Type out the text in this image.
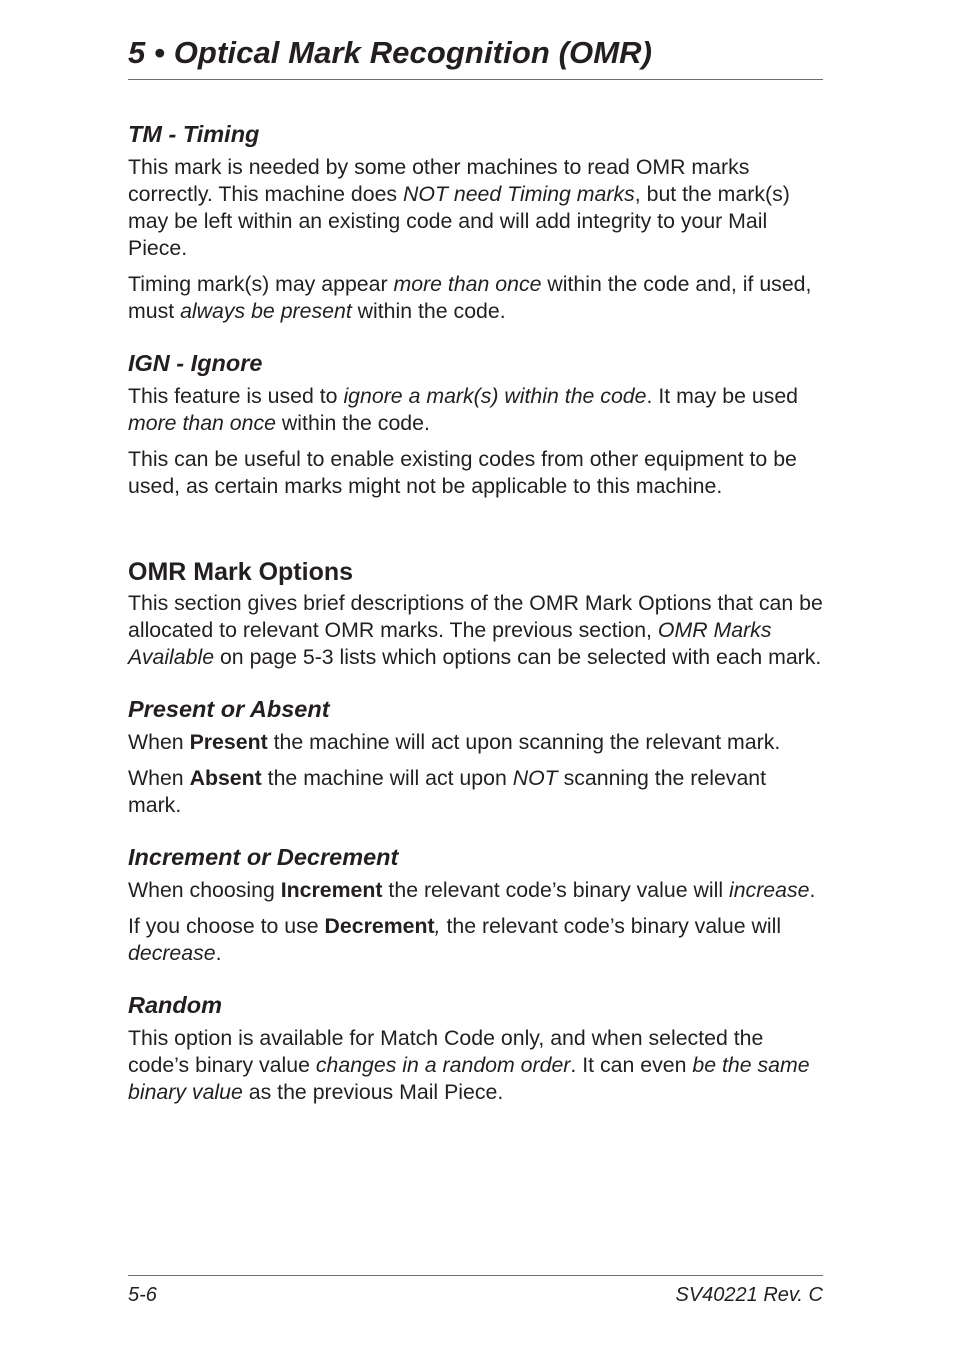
5 • Optical Mark Recognition (OMR)
TM - Timing

This mark is needed by some other machines to read OMR marks correctly. This machine does NOT need Timing marks, but the mark(s) may be left within an existing code and will add integrity to your Mail Piece.

Timing mark(s) may appear more than once within the code and, if used, must always be present within the code.

IGN - Ignore

This feature is used to ignore a mark(s) within the code. It may be used more than once within the code.

This can be useful to enable existing codes from other equipment to be used, as certain marks might not be applicable to this machine.

OMR Mark Options

This section gives brief descriptions of the OMR Mark Options that can be allocated to relevant OMR marks. The previous section, OMR Marks Available on page 5-3 lists which options can be selected with each mark.

Present or Absent

When Present the machine will act upon scanning the relevant mark.

When Absent the machine will act upon NOT scanning the relevant mark.

Increment or Decrement

When choosing Increment the relevant code’s binary value will increase.

If you choose to use Decrement, the relevant code’s binary value will decrease.

Random

This option is available for Match Code only, and when selected the code’s binary value changes in a random order. It can even be the same binary value as the previous Mail Piece.

5-6	SV40221 Rev. C
